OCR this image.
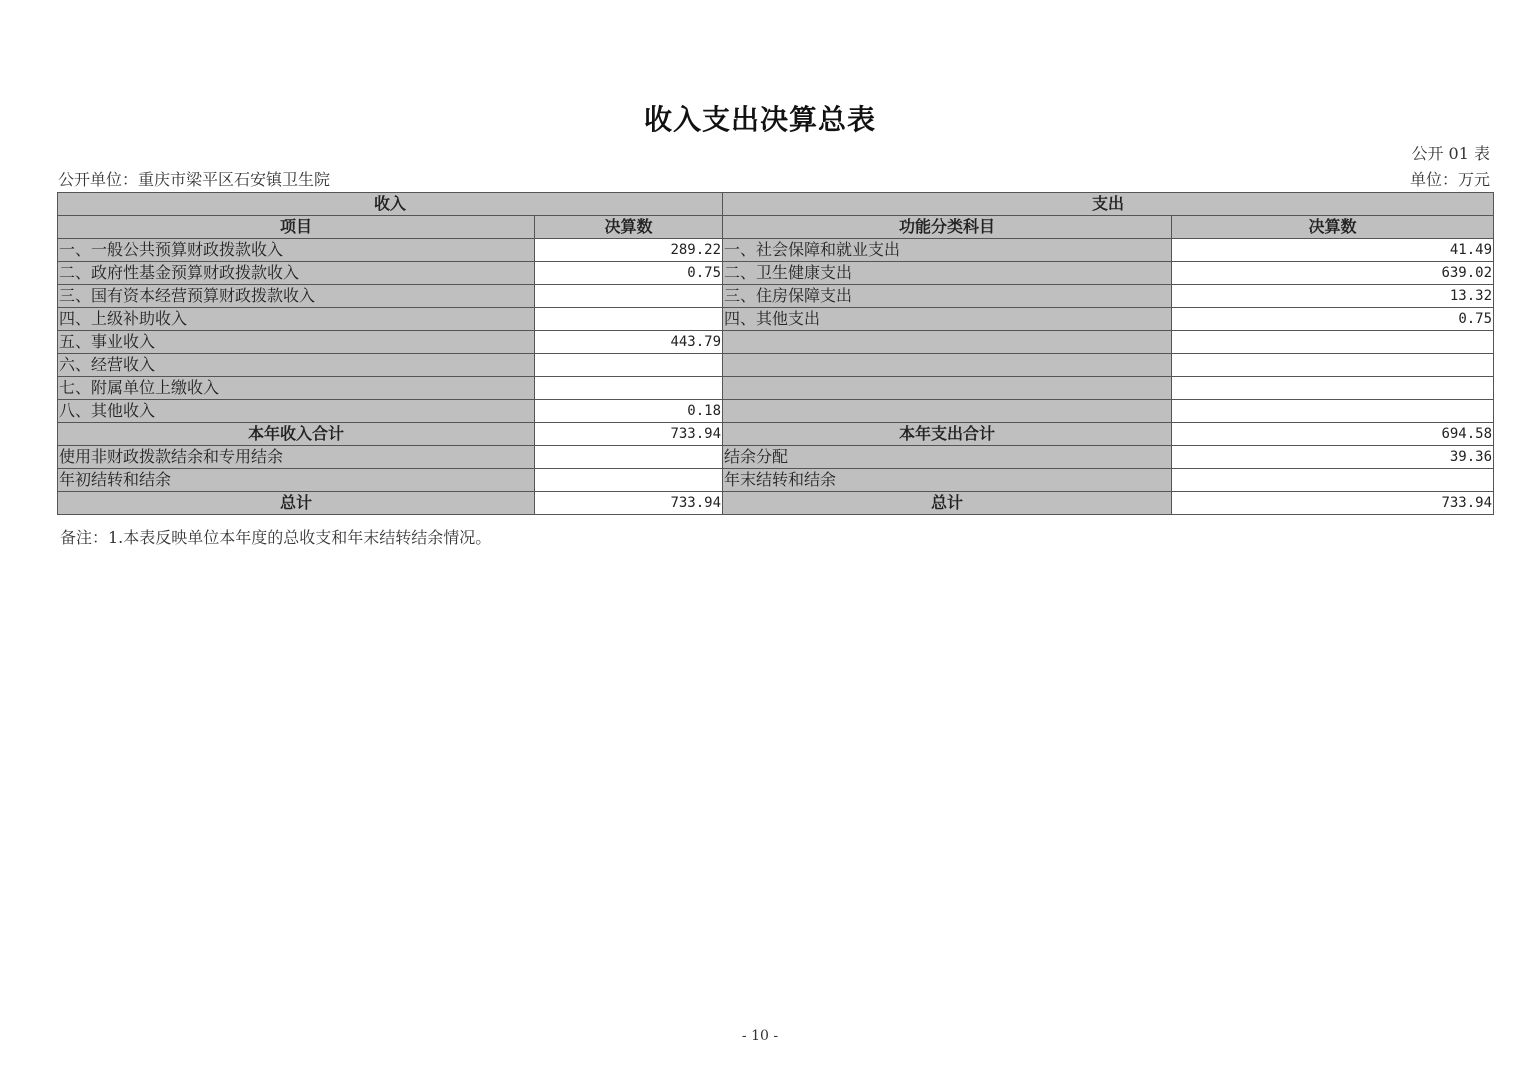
收入支出决算总表
公开 01 表
公开单位：重庆市梁平区石安镇卫生院	单位：万元
收入		支出	
项目	决算数	功能分类科目	决算数
一、一般公共预算财政拨款收入	289.22	一、社会保障和就业支出	41.49
二、政府性基金预算财政拨款收入	0.75	二、卫生健康支出	639.02
三、国有资本经营预算财政拨款收入		三、住房保障支出	13.32
四、上级补助收入		四、其他支出	0.75
五、事业收入	443.79		
六、经营收入			
七、附属单位上缴收入			
八、其他收入	0.18		
本年收入合计	733.94	本年支出合计	694.58
使用非财政拨款结余和专用结余		结余分配	39.36
年初结转和结余		年末结转和结余	
总计	733.94	总计	733.94
备注：1.本表反映单位本年度的总收支和年末结转结余情况。
- 10 -
